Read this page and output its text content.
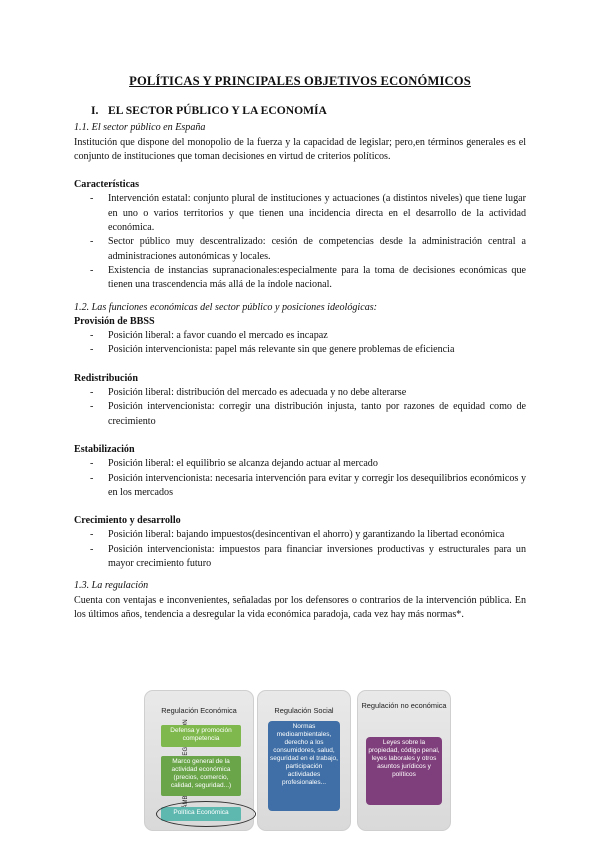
POLÍTICAS Y PRINCIPALES OBJETIVOS ECONÓMICOS
I. EL SECTOR PÚBLICO Y LA ECONOMÍA

1.1. El sector público en España

Institución que dispone del monopolio de la fuerza y la capacidad de legislar; pero,en términos generales es el conjunto de instituciones que toman decisiones en virtud de criterios políticos.

Características

- Intervención estatal: conjunto plural de instituciones y actuaciones (a distintos niveles) que tiene lugar en uno o varios territorios y que tienen una incidencia directa en el desarrollo de la actividad económica.
- Sector público muy descentralizado: cesión de competencias desde la administración central a administraciones autonómicas y locales.
- Existencia de instancias supranacionales:especialmente para la toma de decisiones económicas que tienen una trascendencia más allá de la índole nacional.

1.2. Las funciones económicas del sector público y posiciones ideológicas:

Provisión de BBSS

- Posición liberal: a favor cuando el mercado es incapaz
- Posición intervencionista: papel más relevante sin que genere problemas de eficiencia

Redistribución

- Posición liberal: distribución del mercado es adecuada y no debe alterarse
- Posición intervencionista: corregir una distribución injusta, tanto por razones de equidad como de crecimiento

Estabilización

- Posición liberal: el equilibrio se alcanza dejando actuar al mercado
- Posición intervencionista: necesaria intervención para evitar y corregir los desequilibrios económicos y en los mercados

Crecimiento y desarrollo

- Posición liberal: bajando impuestos(desincentivan el ahorro) y garantizando la libertad económica
- Posición intervencionista: impuestos para financiar inversiones productivas y estructurales para un mayor crecimiento futuro

1.3. La regulación

Cuenta con ventajas e inconvenientes, señaladas por los defensores o contrarios de la intervención pública. En los últimos años, tendencia a desregular la vida económica paradoja, cada vez hay más normas*.

Regulación Económica
Defensa y promoción competencia
Marco general de la actividad económica (precios, comercio, calidad, seguridad...)
Política Económica
Regulación Social
Normas medioambientales, derecho a los consumidores, salud, seguridad en el trabajo, participación actividades profesionales...
Regulación no económica
Leyes sobre la propiedad, código penal, leyes laborales y otros asuntos jurídicos y políticos
